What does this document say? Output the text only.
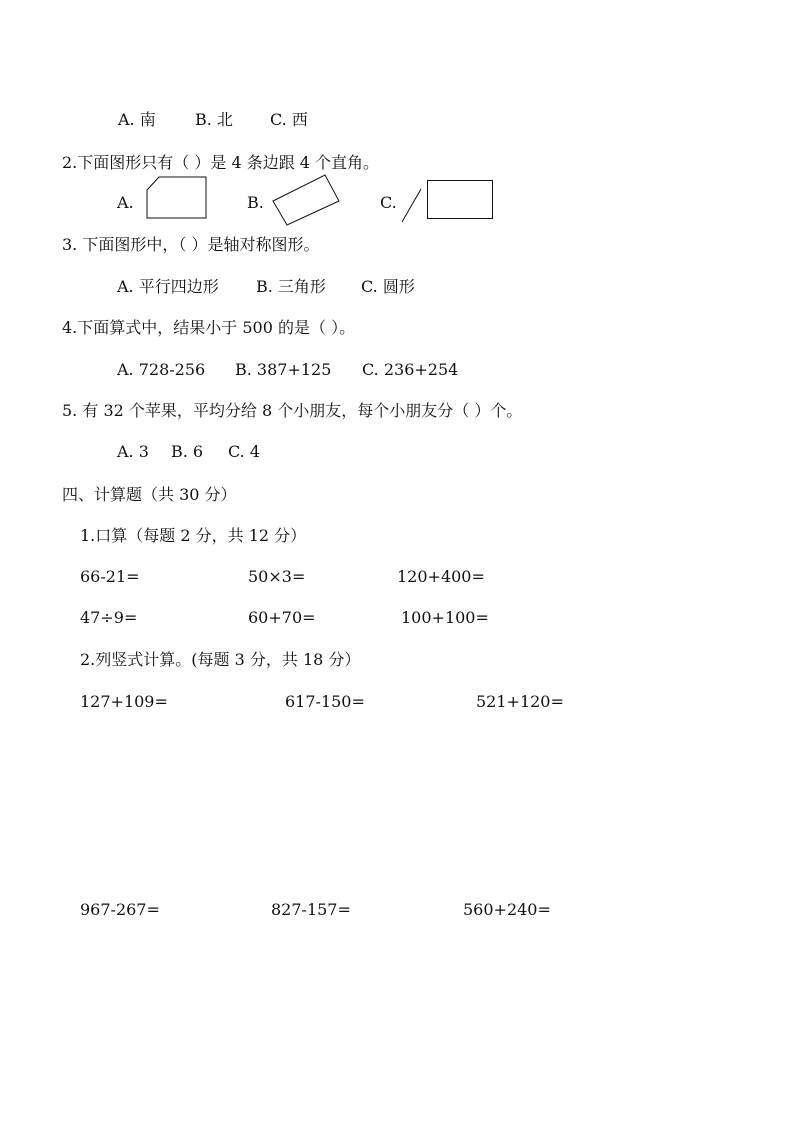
A. 南 B. 北 C. 西
2.下面图形只有（ ）是 4 条边跟 4 个直角。
A.	B.	C.
3. 下面图形中，（ ）是轴对称图形。
A. 平行四边形 B. 三角形 C. 圆形
4.下面算式中，结果小于 500 的是（ ）。
A. 728-256 B. 387+125 C. 236+254
5. 有 32 个苹果，平均分给 8 个小朋友，每个小朋友分（ ）个。
A. 3 B. 6 C. 4
四、计算题（共 30 分）
1.口算（每题 2 分，共 12 分）
66-21=	50×3=	120+400=
47÷9=	60+70=	100+100=
2.列竖式计算。(每题 3 分，共 18 分）
127+109=	617-150=	521+120=
967-267=	827-157=	560+240=
